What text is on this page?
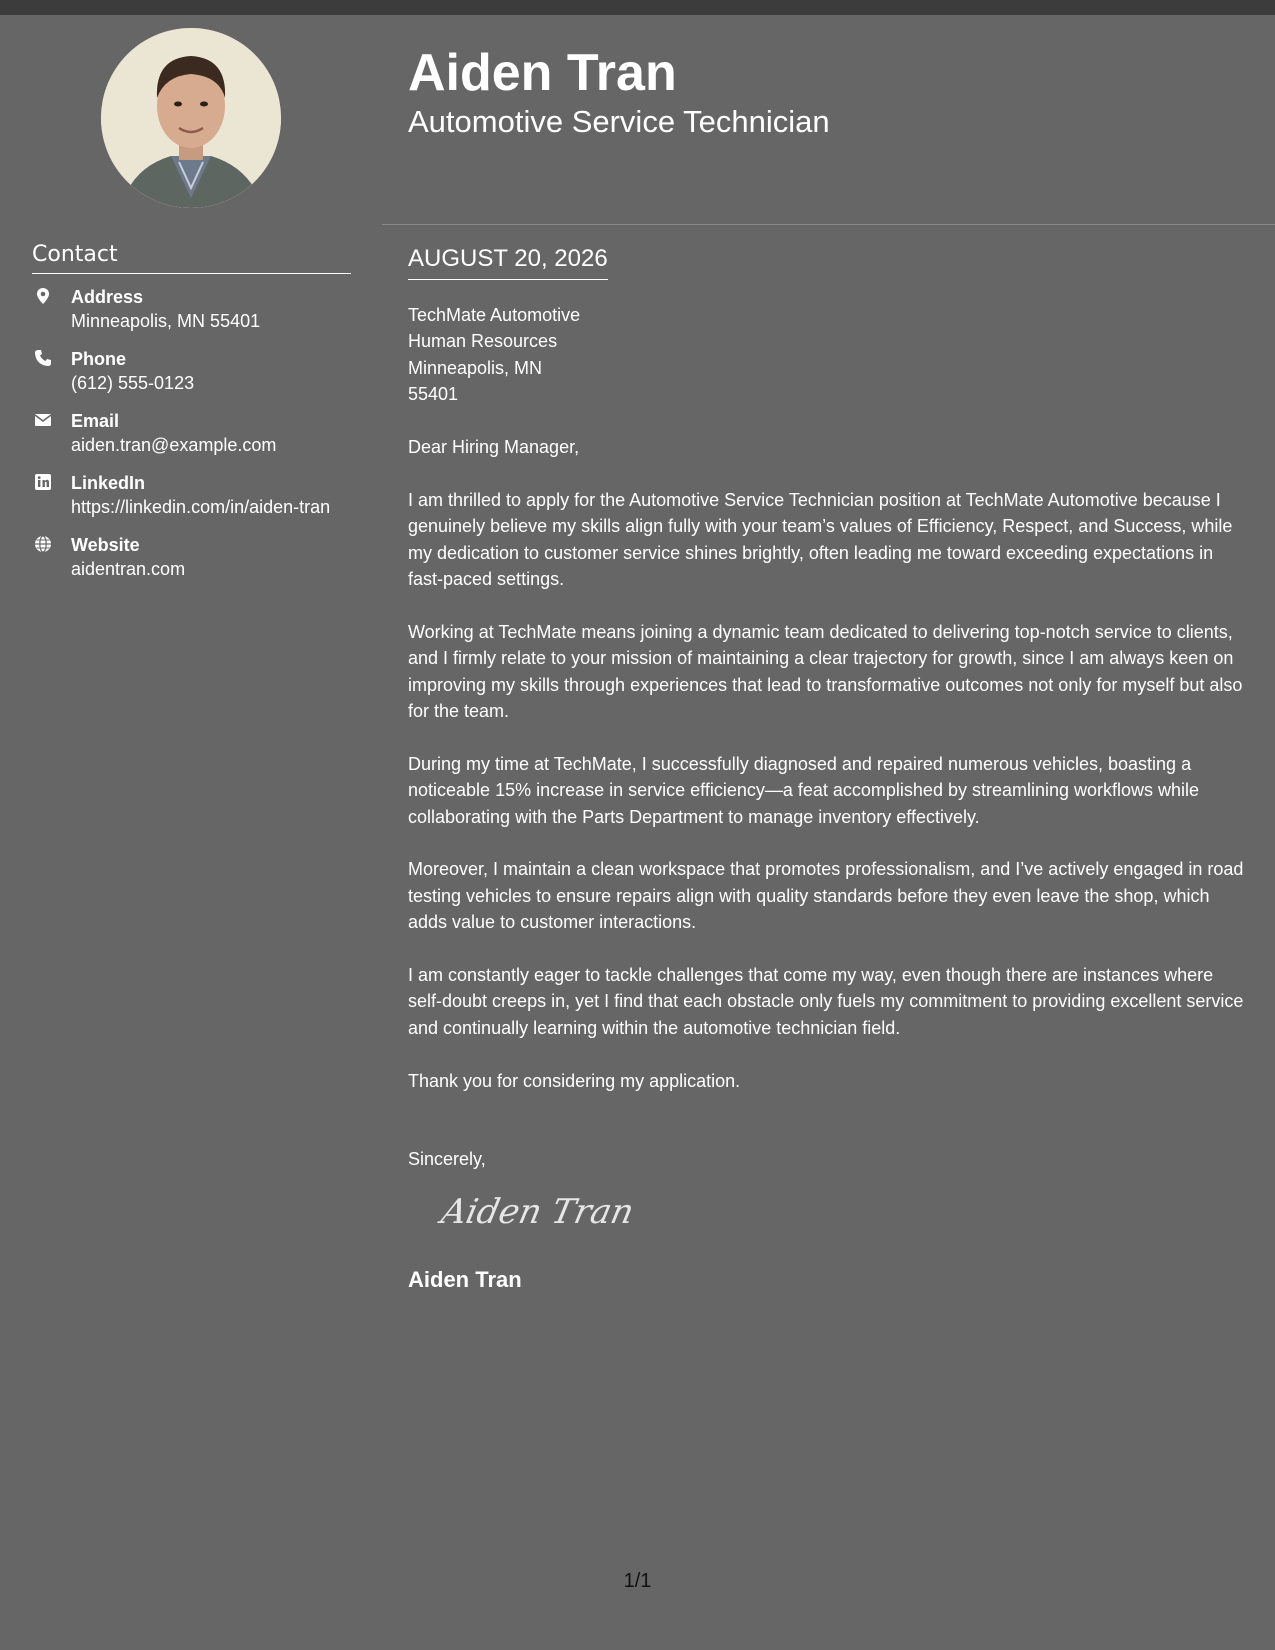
Contact
Address
Minneapolis, MN 55401
Phone
(612) 555-0123
Email
aiden.tran@example.com
LinkedIn
https://linkedin.com/in/aiden-tran
Website
aidentran.com
Aiden Tran
Automotive Service Technician
AUGUST 20, 2026
TechMate Automotive
Human Resources
Minneapolis, MN
55401

Dear Hiring Manager,

I am thrilled to apply for the Automotive Service Technician position at TechMate Automotive because I genuinely believe my skills align fully with your team’s values of Efficiency, Respect, and Success, while my dedication to customer service shines brightly, often leading me toward exceeding expectations in fast-paced settings.

Working at TechMate means joining a dynamic team dedicated to delivering top-notch service to clients, and I firmly relate to your mission of maintaining a clear trajectory for growth, since I am always keen on improving my skills through experiences that lead to transformative outcomes not only for myself but also for the team.

During my time at TechMate, I successfully diagnosed and repaired numerous vehicles, boasting a noticeable 15% increase in service efficiency—a feat accomplished by streamlining workflows while collaborating with the Parts Department to manage inventory effectively.

Moreover, I maintain a clean workspace that promotes professionalism, and I’ve actively engaged in road testing vehicles to ensure repairs align with quality standards before they even leave the shop, which adds value to customer interactions.

I am constantly eager to tackle challenges that come my way, even though there are instances where self-doubt creeps in, yet I find that each obstacle only fuels my commitment to providing excellent service and continually learning within the automotive technician field.

Thank you for considering my application.

Sincerely,

Aiden Tran
Aiden Tran
1/1
